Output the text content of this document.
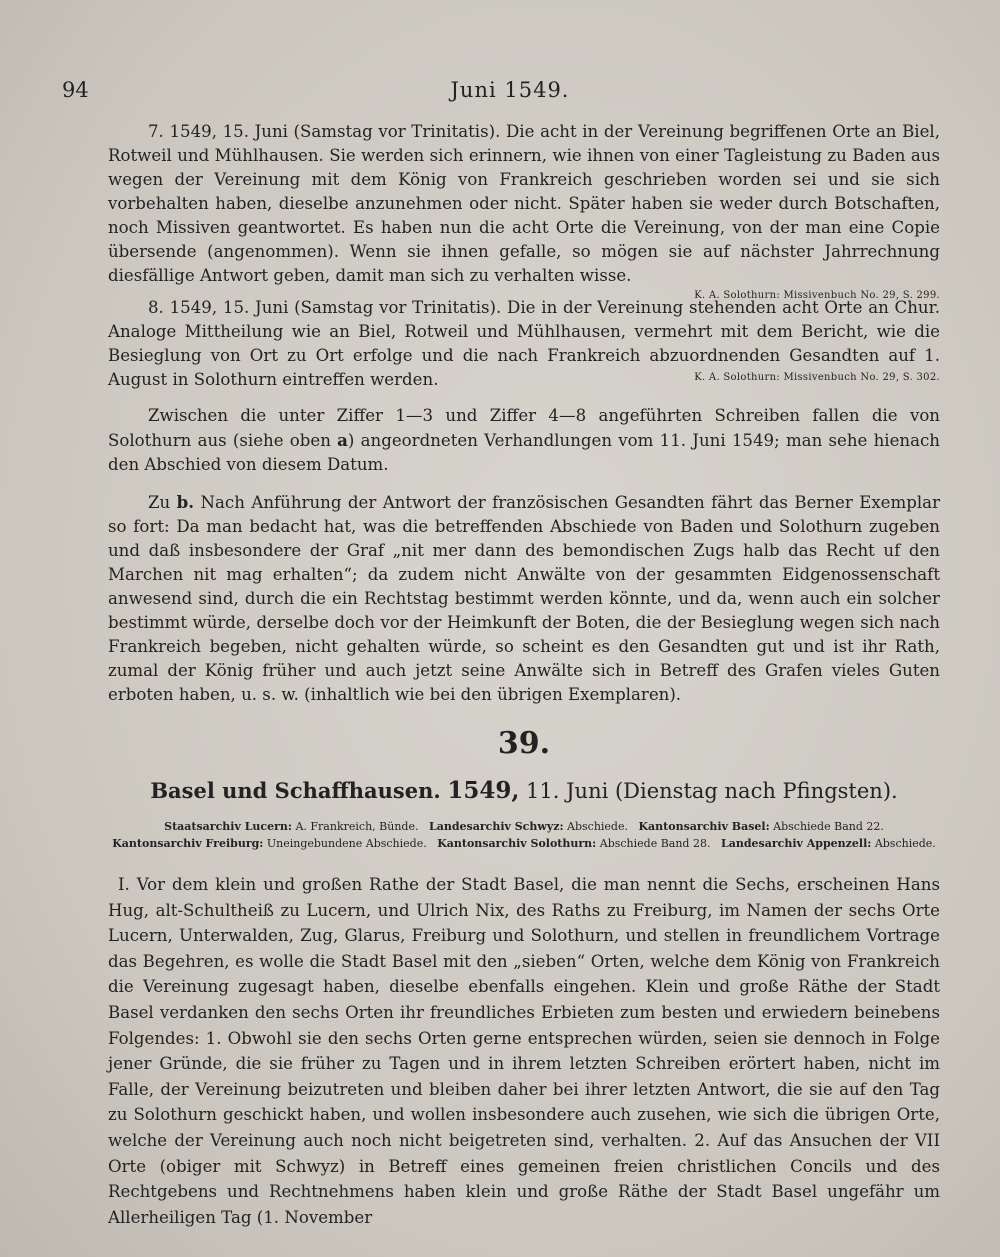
94	Juni 1549.

7. 1549, 15. Juni (Samstag vor Trinitatis). Die acht in der Vereinung begriffenen Orte an Biel, Rotweil und Mühlhausen. Sie werden sich erinnern, wie ihnen von einer Tagleistung zu Baden aus wegen der Vereinung mit dem König von Frankreich geschrieben worden sei und sie sich vorbehalten haben, dieselbe anzunehmen oder nicht. Später haben sie weder durch Botschaften, noch Missiven geantwortet. Es haben nun die acht Orte die Vereinung, von der man eine Copie übersende (angenommen). Wenn sie ihnen gefalle, so mögen sie auf nächster Jahrrechnung diesfällige Antwort geben, damit man sich zu verhalten wisse.

K. A. Solothurn: Missivenbuch No. 29, S. 299.

8. 1549, 15. Juni (Samstag vor Trinitatis). Die in der Vereinung stehenden acht Orte an Chur. Analoge Mittheilung wie an Biel, Rotweil und Mühlhausen, vermehrt mit dem Bericht, wie die Besieglung von Ort zu Ort erfolge und die nach Frankreich abzuordnenden Gesandten auf 1. August in Solothurn eintreffen werden.	K. A. Solothurn: Missivenbuch No. 29, S. 302.

Zwischen die unter Ziffer 1—3 und Ziffer 4—8 angeführten Schreiben fallen die von Solothurn aus (siehe oben a) angeordneten Verhandlungen vom 11. Juni 1549; man sehe hienach den Abschied von diesem Datum.

Zu b. Nach Anführung der Antwort der französischen Gesandten fährt das Berner Exemplar so fort: Da man bedacht hat, was die betreffenden Abschiede von Baden und Solothurn zugeben und daß insbesondere der Graf „nit mer dann des bemondischen Zugs halb das Recht uf den Marchen nit mag erhalten“; da zudem nicht Anwälte von der gesammten Eidgenossenschaft anwesend sind, durch die ein Rechtstag bestimmt werden könnte, und da, wenn auch ein solcher bestimmt würde, derselbe doch vor der Heimkunft der Boten, die der Besieglung wegen sich nach Frankreich begeben, nicht gehalten würde, so scheint es den Gesandten gut und ist ihr Rath, zumal der König früher und auch jetzt seine Anwälte sich in Betreff des Grafen vieles Guten erboten haben, u. s. w. (inhaltlich wie bei den übrigen Exemplaren).

39.
Basel und Schaffhausen. 1549, 11. Juni (Dienstag nach Pfingsten).
Staatsarchiv Lucern: A. Frankreich, Bünde. Landesarchiv Schwyz: Abschiede. Kantonsarchiv Basel: Abschiede Band 22.
Kantonsarchiv Freiburg: Uneingebundene Abschiede. Kantonsarchiv Solothurn: Abschiede Band 28. Landesarchiv Appenzell: Abschiede.

I. Vor dem klein und großen Rathe der Stadt Basel, die man nennt die Sechs, erscheinen Hans Hug, alt-Schultheiß zu Lucern, und Ulrich Nix, des Raths zu Freiburg, im Namen der sechs Orte Lucern, Unterwalden, Zug, Glarus, Freiburg und Solothurn, und stellen in freundlichem Vortrage das Begehren, es wolle die Stadt Basel mit den „sieben“ Orten, welche dem König von Frankreich die Vereinung zugesagt haben, dieselbe ebenfalls eingehen. Klein und große Räthe der Stadt Basel verdanken den sechs Orten ihr freundliches Erbieten zum besten und erwiedern beinebens Folgendes: 1. Obwohl sie den sechs Orten gerne entsprechen würden, seien sie dennoch in Folge jener Gründe, die sie früher zu Tagen und in ihrem letzten Schreiben erörtert haben, nicht im Falle, der Vereinung beizutreten und bleiben daher bei ihrer letzten Antwort, die sie auf den Tag zu Solothurn geschickt haben, und wollen insbesondere auch zusehen, wie sich die übrigen Orte, welche der Vereinung auch noch nicht beigetreten sind, verhalten. 2. Auf das Ansuchen der VII Orte (obiger mit Schwyz) in Betreff eines gemeinen freien christlichen Concils und des Rechtgebens und Rechtnehmens haben klein und große Räthe der Stadt Basel ungefähr um Allerheiligen Tag (1. November
